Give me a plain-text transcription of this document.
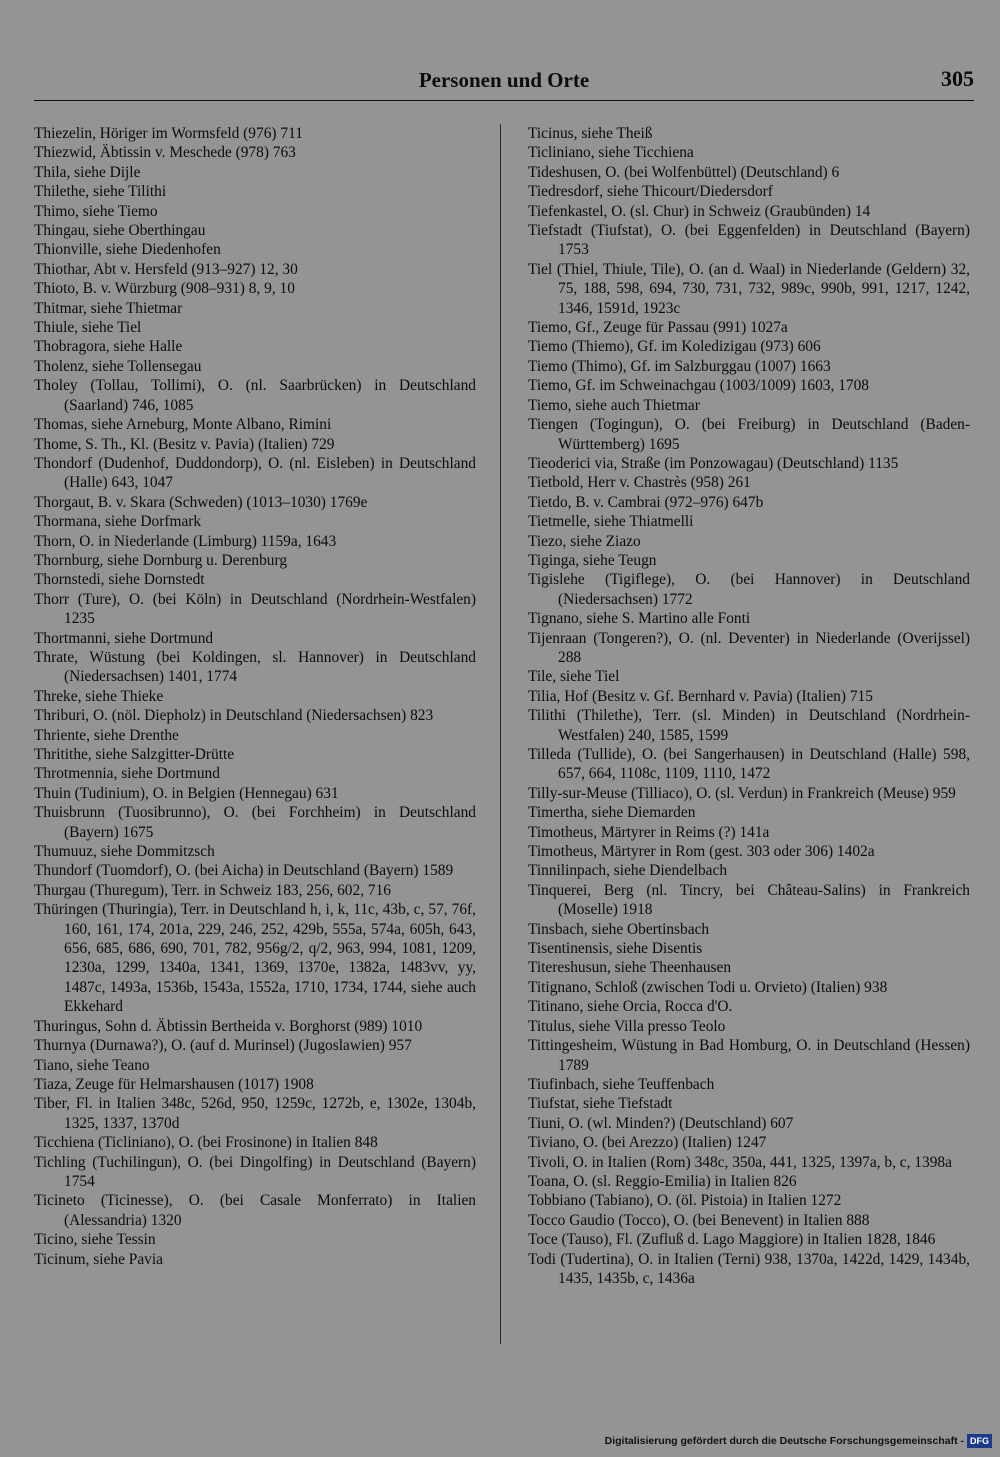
Personen und Orte	305
Thiezelin, Höriger im Wormsfeld (976) 711
Thiezwid, Äbtissin v. Meschede (978) 763
Thila, siehe Dijle
Thilethe, siehe Tilithi
Thimo, siehe Tiemo
Thingau, siehe Oberthingau
Thionville, siehe Diedenhofen
Thiothar, Abt v. Hersfeld (913–927) 12, 30
Thioto, B. v. Würzburg (908–931) 8, 9, 10
Thitmar, siehe Thietmar
Thiule, siehe Tiel
Thobragora, siehe Halle
Tholenz, siehe Tollensegau
Tholey (Tollau, Tollimi), O. (nl. Saarbrücken) in Deutschland (Saarland) 746, 1085
Thomas, siehe Arneburg, Monte Albano, Rimini
Thome, S. Th., Kl. (Besitz v. Pavia) (Italien) 729
Thondorf (Dudenhof, Duddondorp), O. (nl. Eisleben) in Deutschland (Halle) 643, 1047
Thorgaut, B. v. Skara (Schweden) (1013–1030) 1769e
Thormana, siehe Dorfmark
Thorn, O. in Niederlande (Limburg) 1159a, 1643
Thornburg, siehe Dornburg u. Derenburg
Thornstedi, siehe Dornstedt
Thorr (Ture), O. (bei Köln) in Deutschland (Nordrhein-Westfalen) 1235
Thortmanni, siehe Dortmund
Thrate, Wüstung (bei Koldingen, sl. Hannover) in Deutschland (Niedersachsen) 1401, 1774
Threke, siehe Thieke
Thriburi, O. (nöl. Diepholz) in Deutschland (Niedersachsen) 823
Thriente, siehe Drenthe
Thritithe, siehe Salzgitter-Drütte
Throtmennia, siehe Dortmund
Thuin (Tudinium), O. in Belgien (Hennegau) 631
Thuisbrunn (Tuosibrunno), O. (bei Forchheim) in Deutschland (Bayern) 1675
Thumuuz, siehe Dommitzsch
Thundorf (Tuomdorf), O. (bei Aicha) in Deutschland (Bayern) 1589
Thurgau (Thuregum), Terr. in Schweiz 183, 256, 602, 716
Thüringen (Thuringia), Terr. in Deutschland h, i, k, 11c, 43b, c, 57, 76f, 160, 161, 174, 201a, 229, 246, 252, 429b, 555a, 574a, 605h, 643, 656, 685, 686, 690, 701, 782, 956g/2, q/2, 963, 994, 1081, 1209, 1230a, 1299, 1340a, 1341, 1369, 1370e, 1382a, 1483vv, yy, 1487c, 1493a, 1536b, 1543a, 1552a, 1710, 1734, 1744, siehe auch Ekkehard
Thuringus, Sohn d. Äbtissin Bertheida v. Borghorst (989) 1010
Thurnya (Durnawa?), O. (auf d. Murinsel) (Jugoslawien) 957
Tiano, siehe Teano
Tiaza, Zeuge für Helmarshausen (1017) 1908
Tiber, Fl. in Italien 348c, 526d, 950, 1259c, 1272b, e, 1302e, 1304b, 1325, 1337, 1370d
Ticchiena (Ticliniano), O. (bei Frosinone) in Italien 848
Tichling (Tuchilingun), O. (bei Dingolfing) in Deutschland (Bayern) 1754
Ticineto (Ticinesse), O. (bei Casale Monferrato) in Italien (Alessandria) 1320
Ticino, siehe Tessin
Ticinum, siehe Pavia
Ticinus, siehe Theiß
Ticliniano, siehe Ticchiena
Tideshusen, O. (bei Wolfenbüttel) (Deutschland) 6
Tiedresdorf, siehe Thicourt/Diedersdorf
Tiefenkastel, O. (sl. Chur) in Schweiz (Graubünden) 14
Tiefstadt (Tiufstat), O. (bei Eggenfelden) in Deutschland (Bayern) 1753
Tiel (Thiel, Thiule, Tile), O. (an d. Waal) in Niederlande (Geldern) 32, 75, 188, 598, 694, 730, 731, 732, 989c, 990b, 991, 1217, 1242, 1346, 1591d, 1923c
Tiemo, Gf., Zeuge für Passau (991) 1027a
Tiemo (Thiemo), Gf. im Koledizigau (973) 606
Tiemo (Thimo), Gf. im Salzburggau (1007) 1663
Tiemo, Gf. im Schweinachgau (1003/1009) 1603, 1708
Tiemo, siehe auch Thietmar
Tiengen (Togingun), O. (bei Freiburg) in Deutschland (Baden-Württemberg) 1695
Tieoderici via, Straße (im Ponzowagau) (Deutschland) 1135
Tietbold, Herr v. Chastrès (958) 261
Tietdo, B. v. Cambrai (972–976) 647b
Tietmelle, siehe Thiatmelli
Tiezo, siehe Ziazo
Tiginga, siehe Teugn
Tigislehe (Tigiflege), O. (bei Hannover) in Deutschland (Niedersachsen) 1772
Tignano, siehe S. Martino alle Fonti
Tijenraan (Tongeren?), O. (nl. Deventer) in Niederlande (Overijssel) 288
Tile, siehe Tiel
Tilia, Hof (Besitz v. Gf. Bernhard v. Pavia) (Italien) 715
Tilithi (Thilethe), Terr. (sl. Minden) in Deutschland (Nordrhein-Westfalen) 240, 1585, 1599
Tilleda (Tullide), O. (bei Sangerhausen) in Deutschland (Halle) 598, 657, 664, 1108c, 1109, 1110, 1472
Tilly-sur-Meuse (Tilliaco), O. (sl. Verdun) in Frankreich (Meuse) 959
Timertha, siehe Diemarden
Timotheus, Märtyrer in Reims (?) 141a
Timotheus, Märtyrer in Rom (gest. 303 oder 306) 1402a
Tinnilinpach, siehe Diendelbach
Tinquerei, Berg (nl. Tincry, bei Château-Salins) in Frankreich (Moselle) 1918
Tinsbach, siehe Obertinsbach
Tisentinensis, siehe Disentis
Titereshusun, siehe Theenhausen
Titignano, Schloß (zwischen Todi u. Orvieto) (Italien) 938
Titinano, siehe Orcia, Rocca d'O.
Titulus, siehe Villa presso Teolo
Tittingesheim, Wüstung in Bad Homburg, O. in Deutschland (Hessen) 1789
Tiufinbach, siehe Teuffenbach
Tiufstat, siehe Tiefstadt
Tiuni, O. (wl. Minden?) (Deutschland) 607
Tiviano, O. (bei Arezzo) (Italien) 1247
Tivoli, O. in Italien (Rom) 348c, 350a, 441, 1325, 1397a, b, c, 1398a
Toana, O. (sl. Reggio-Emilia) in Italien 826
Tobbiano (Tabiano), O. (öl. Pistoia) in Italien 1272
Tocco Gaudio (Tocco), O. (bei Benevent) in Italien 888
Toce (Tauso), Fl. (Zufluß d. Lago Maggiore) in Italien 1828, 1846
Todi (Tudertina), O. in Italien (Terni) 938, 1370a, 1422d, 1429, 1434b, 1435, 1435b, c, 1436a
Digitalisierung gefördert durch die Deutsche Forschungsgemeinschaft - DFG
